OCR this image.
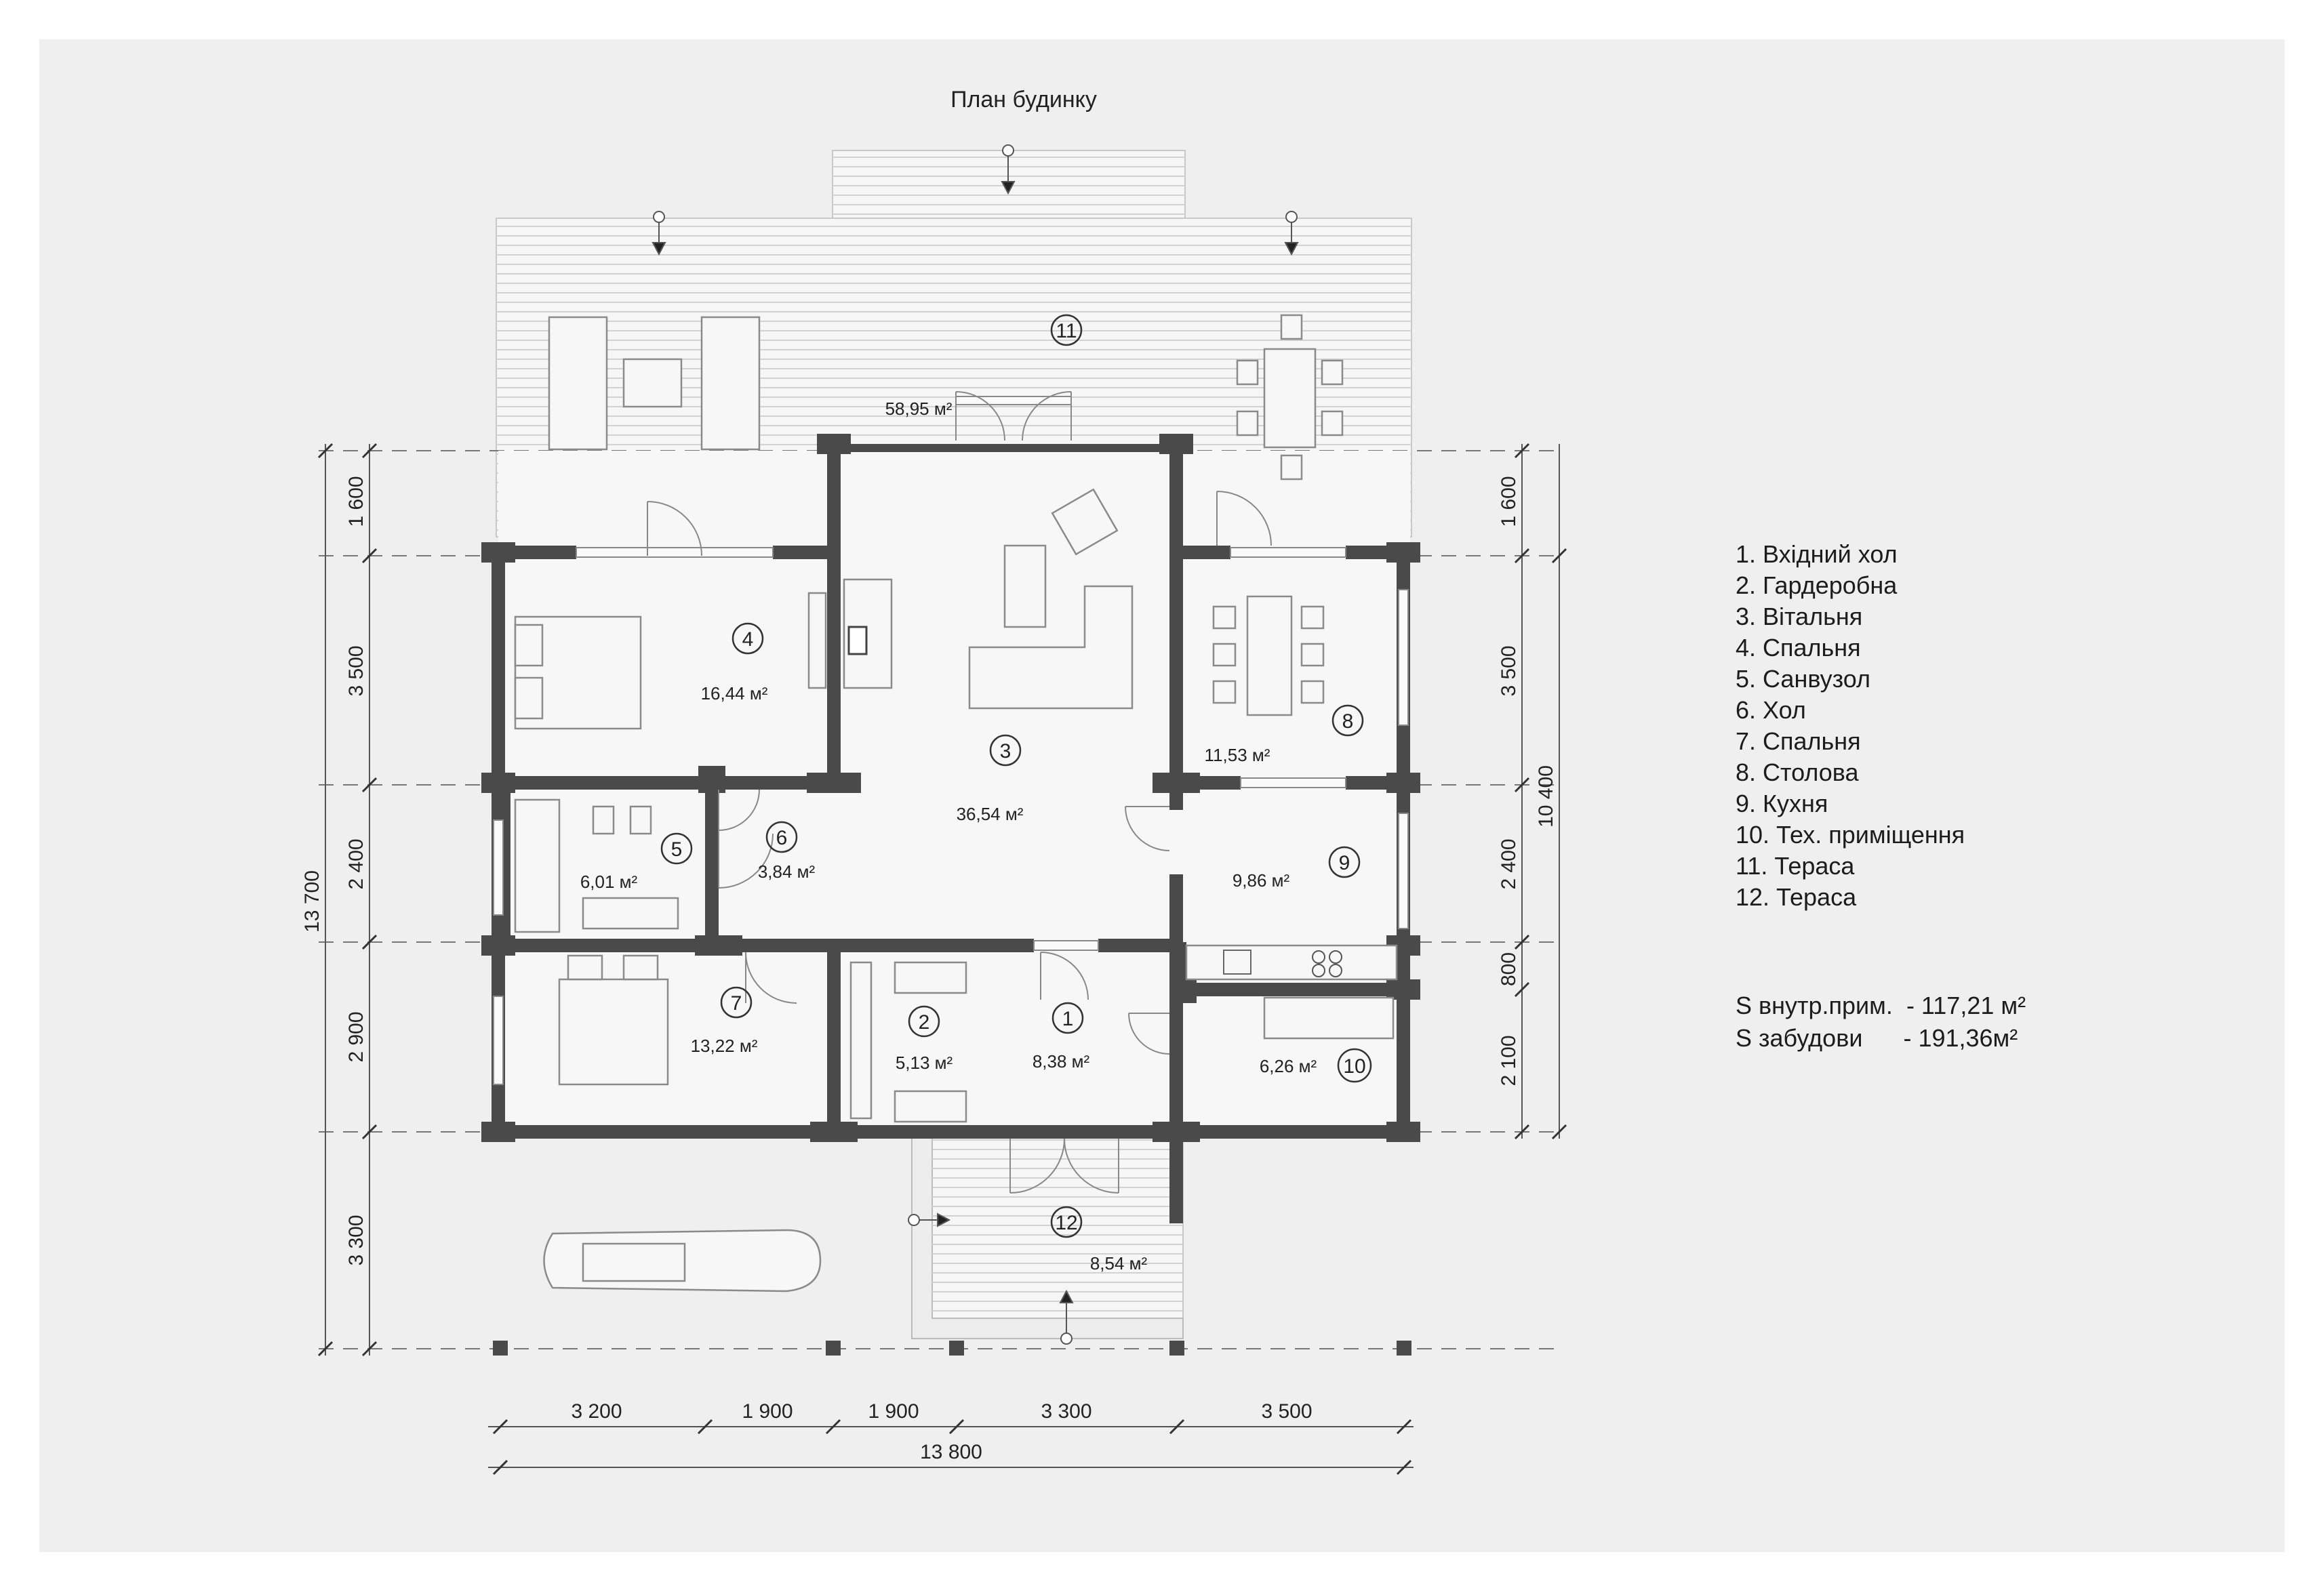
План будинку
1
2
3
4
5
6
7
8
9
10
11
12
8,38 м²
5,13 м²
36,54 м²
16,44 м²
6,01 м²	3,84 м²
13,22 м²
11,53 м²
9,86 м²
6,26 м²
58,95 м²
8,54 м²
3 200	1 900	1 900	3 300	3 500
13 800
1 600
3 500
2 400
2 900
3 300
13 700
1 600
3 500
2 400
800
2 100
10 400
1. Вхідний хол
2. Гардеробна
3. Вітальня
4. Спальня
5. Санвузол
6. Хол
7. Спальня
8. Столова
9. Кухня
10. Тех. приміщення
11. Тераса
12. Тераса
S внутр.прим. - 117,21 м²
S забудови - 191,36м²
